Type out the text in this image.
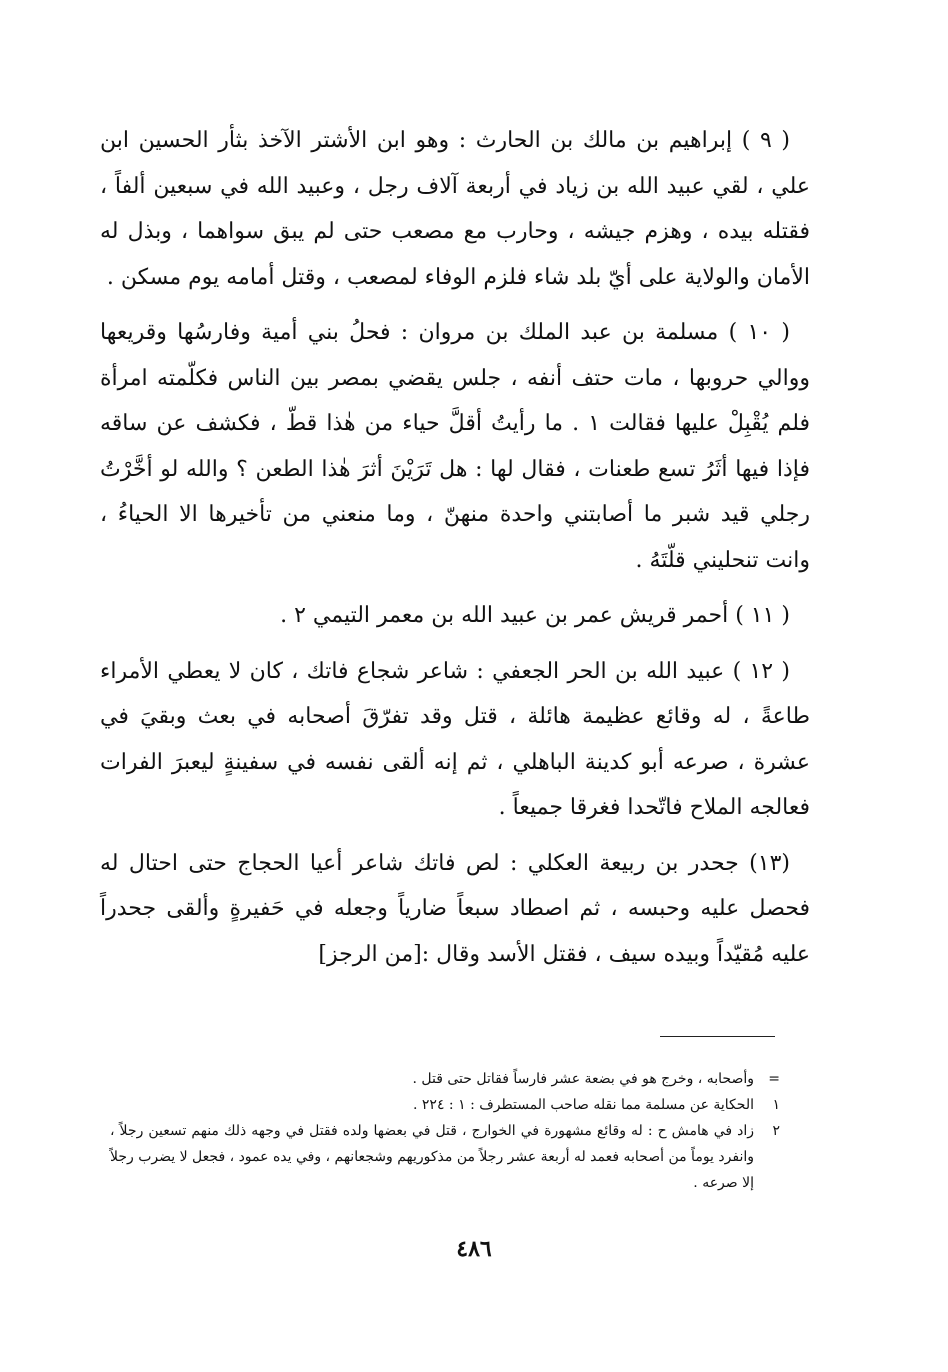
( ٩ ) إبراهيم بن مالك بن الحارث : وهو ابن الأشتر الآخذ بثأر الحسين ابن علي ، لقي عبيد الله بن زياد في أربعة آلاف رجل ، وعبيد الله في سبعين ألفاً ، فقتله بيده ، وهزم جيشه ، وحارب مع مصعب حتى لم يبق سواهما ، وبذل له الأمان والولاية على أيّ بلد شاء فلزم الوفاء لمصعب ، وقتل أمامه يوم مسكن .

( ١٠ ) مسلمة بن عبد الملك بن مروان : فحلُ بني أمية وفارسُها وقريعها ووالي حروبها ، مات حتف أنفه ، جلس يقضي بمصر بين الناس فكلّمته امرأة فلم يُقْبِلْ عليها فقالت ١ . ما رأيتُ أقلَّ حياء من هٰذا قطّ ، فكشف عن ساقه فإذا فيها أثَرُ تسع طعنات ، فقال لها : هل تَرَيْنَ أثرَ هٰذا الطعن ؟ والله لو أخَّرْتُ رجلي قيد شبر ما أصابتني واحدة منهنّ ، وما منعني من تأخيرها الا الحياءُ ، وانت تنحليني قلّتَهُ .

( ١١ ) أحمر قريش عمر بن عبيد الله بن معمر التيمي ٢ .

( ١٢ ) عبيد الله بن الحر الجعفي : شاعر شجاع فاتك ، كان لا يعطي الأمراء طاعةً ، له وقائع عظيمة هائلة ، قتل وقد تفرّقَ أصحابه في بعث وبقيَ في عشرة ، صرعه أبو كدينة الباهلي ، ثم إنه ألقى نفسه في سفينةٍ ليعبرَ الفرات فعالجه الملاح فاتّحدا فغرقا جميعاً .

(١٣) جحدر بن ربيعة العكلي : لص فاتك شاعر أعيا الحجاج حتى احتال له فحصل عليه وحبسه ، ثم اصطاد سبعاً ضارياً وجعله في حَفيرةٍ وألقى جحدراً عليه مُقيّداً وبيده سيف ، فقتل الأسد وقال :[من الرجز]

=
وأصحابه ، وخرج هو في بضعة عشر فارساً فقاتل حتى قتل .
١
الحكاية عن مسلمة مما نقله صاحب المستطرف : ١ : ٢٢٤ .
٢
زاد في هامش ح : له وقائع مشهورة في الخوارج ، قتل في بعضها ولده فقتل في وجهه ذلك منهم تسعين رجلاً ، وانفرد يوماً من أصحابه فعمد له أربعة عشر رجلاً من مذكوريهم وشجعانهم ، وفي يده عمود ، فجعل لا يضرب رجلاً إلا صرعه .
٤٨٦
